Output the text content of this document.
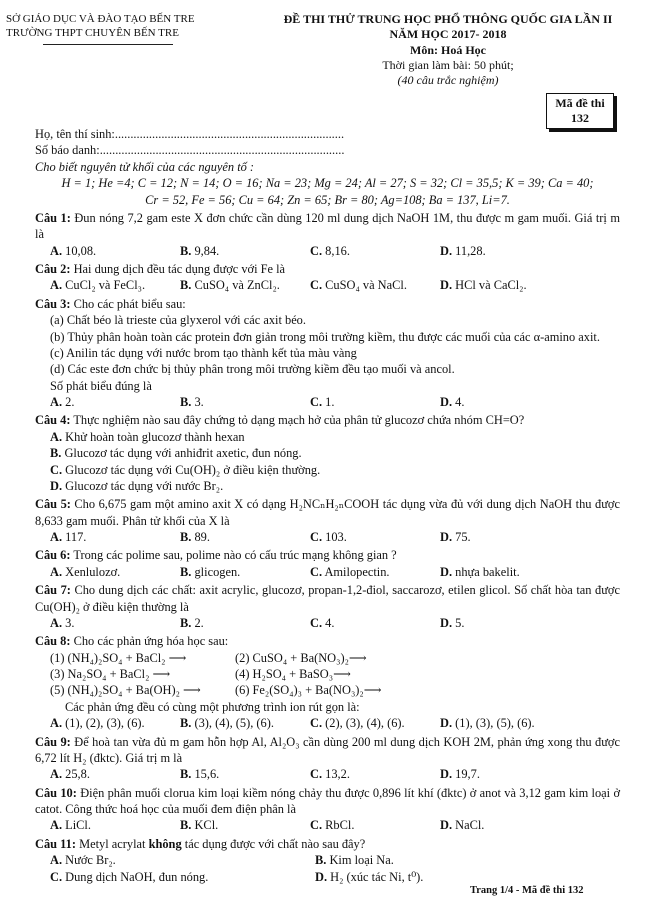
SỞ GIÁO DỤC VÀ ĐÀO TẠO BẾN TRE
TRƯỜNG THPT CHUYÊN BẾN TRE
ĐỀ THI THỬ TRUNG HỌC PHỔ THÔNG QUỐC GIA LẦN II
NĂM HỌC 2017- 2018
Môn: Hoá Học
Thời gian làm bài: 50 phút;
(40 câu trắc nghiệm)
Mã đề thi
132
Họ, tên thí sinh:..........................................................................
Số báo danh:...............................................................................
Cho biết nguyên tử khối của các nguyên tố :
H = 1; He =4; C = 12; N = 14; O = 16; Na = 23; Mg = 24; Al = 27; S = 32; Cl = 35,5; K = 39; Ca = 40;
Cr = 52, Fe = 56; Cu = 64; Zn = 65; Br = 80; Ag=108; Ba = 137, Li=7.
Câu 1: Đun nóng 7,2 gam este X đơn chức cần dùng 120 ml dung dịch NaOH 1M, thu được m gam muối. Giá trị m là
A. 10,08.	B. 9,84.	C. 8,16.	D. 11,28.
Câu 2: Hai dung dịch đều tác dụng được với Fe là
A. CuCl₂ và FeCl₃.	B. CuSO₄ và ZnCl₂.	C. CuSO₄ và NaCl.	D. HCl và CaCl₂.
Câu 3: Cho các phát biểu sau:
(a) Chất béo là trieste của glyxerol với các axit béo.
(b) Thủy phân hoàn toàn các protein đơn giản trong môi trường kiềm, thu được các muối của các α-amino axit.
(c) Anilin tác dụng với nước brom tạo thành kết tủa màu vàng
(d) Các este đơn chức bị thủy phân trong môi trường kiềm đều tạo muối và ancol.
Số phát biểu đúng là
A. 2.	B. 3.	C. 1.	D. 4.
Câu 4: Thực nghiệm nào sau đây chứng tỏ dạng mạch hở của phân tử glucozơ chứa nhóm CH=O?
A. Khử hoàn toàn glucozơ thành hexan
B. Glucozơ tác dụng với anhiđrit axetic, đun nóng.
C. Glucozơ tác dụng với Cu(OH)₂ ở điều kiện thường.
D. Glucozơ tác dụng với nước Br₂.
Câu 5: Cho 6,675 gam một amino axit X có dạng H₂NCₙH₂ₙCOOH tác dụng vừa đủ với dung dịch NaOH thu được 8,633 gam muối. Phân tử khối của X là
A. 117.	B. 89.	C. 103.	D. 75.
Câu 6: Trong các polime sau, polime nào có cấu trúc mạng không gian ?
A. Xenlulozơ.	B. glicogen.	C. Amilopectin.	D. nhựa bakelit.
Câu 7: Cho dung dịch các chất: axit acrylic, glucozơ, propan-1,2-điol, saccarozơ, etilen glicol. Số chất hòa tan được Cu(OH)₂ ở điều kiện thường là
A. 3.	B. 2.	C. 4.	D. 5.
Câu 8: Cho các phản ứng hóa học sau:
(1) (NH₄)₂SO₄ + BaCl₂ ⟶	(2) CuSO₄ + Ba(NO₃)₂⟶
(3) Na₂SO₄ + BaCl₂ ⟶	(4) H₂SO₄ + BaSO₃⟶
(5) (NH₄)₂SO₄ + Ba(OH)₂ ⟶	(6) Fe₂(SO₄)₃ + Ba(NO₃)₂⟶
Các phản ứng đều có cùng một phương trình ion rút gọn là:
A. (1), (2), (3), (6).	B. (3), (4), (5), (6).	C. (2), (3), (4), (6).	D. (1), (3), (5), (6).
Câu 9: Để hoà tan vừa đủ m gam hỗn hợp Al, Al₂O₃ cần dùng 200 ml dung dịch KOH 2M, phản ứng xong thu được 6,72 lít H₂ (đktc). Giá trị m là
A. 25,8.	B. 15,6.	C. 13,2.	D. 19,7.
Câu 10: Điện phân muối clorua kim loại kiềm nóng chảy thu được 0,896 lít khí (đktc) ở anot và 3,12 gam kim loại ở catot. Công thức hoá học của muối đem điện phân là
A. LiCl.	B. KCl.	C. RbCl.	D. NaCl.
Câu 11: Metyl acrylat không tác dụng được với chất nào sau đây?
A. Nước Br₂.	B. Kim loại Na.
C. Dung dịch NaOH, đun nóng.	D. H₂ (xúc tác Ni, t⁰).
Trang 1/4 - Mã đề thi 132
